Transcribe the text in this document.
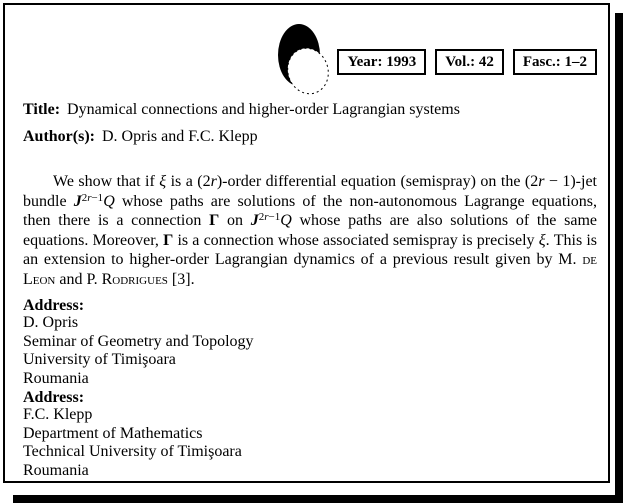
Year: 1993	Vol.: 42	Fasc.: 1–2
Title: Dynamical connections and higher-order Lagrangian systems
Author(s): D. Opris and F.C. Klepp

We show that if ξ is a (2r)-order differential equation (semispray) on the (2r − 1)-jet bundle $J^{2r-1}Q$ whose paths are solutions of the non-autonomous Lagrange equations, then there is a connection Γ on $J^{2r-1}Q$ whose paths are also solutions of the same equations. Moreover, Γ is a connection whose associated semispray is precisely ξ. This is an extension to higher-order Lagrangian dynamics of a previous result given by M. de Leon and P. Rodrigues [3].

Address:
D. Opris
Seminar of Geometry and Topology
University of Timişoara
Roumania
Address:
F.C. Klepp
Department of Mathematics
Technical University of Timişoara
Roumania
